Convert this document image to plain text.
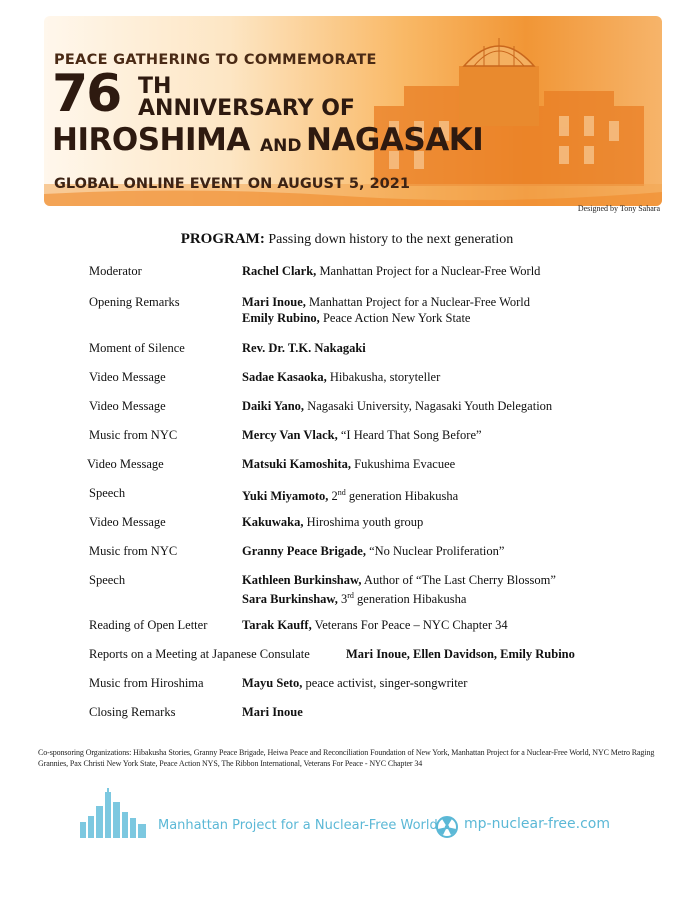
PEACE GATHERING TO COMMEMORATE
76 TH
ANNIVERSARY OF
HIROSHIMA AND NAGASAKI
GLOBAL ONLINE EVENT ON AUGUST 5, 2021
Designed by Tony Sahara
PROGRAM: Passing down history to the next generation
Moderator	Rachel Clark, Manhattan Project for a Nuclear-Free World
Opening Remarks	Mari Inoue, Manhattan Project for a Nuclear-Free World
Emily Rubino, Peace Action New York State
Moment of Silence	Rev. Dr. T.K. Nakagaki
Video Message	Sadae Kasaoka, Hibakusha, storyteller
Video Message	Daiki Yano, Nagasaki University, Nagasaki Youth Delegation
Music from NYC	Mercy Van Vlack, “I Heard That Song Before”
Video Message	Matsuki Kamoshita, Fukushima Evacuee
Speech	Yuki Miyamoto, 2nd generation Hibakusha
Video Message	Kakuwaka, Hiroshima youth group
Music from NYC	Granny Peace Brigade, “No Nuclear Proliferation”
Speech	Kathleen Burkinshaw, Author of “The Last Cherry Blossom”
Sara Burkinshaw, 3rd generation Hibakusha
Reading of Open Letter	Tarak Kauff, Veterans For Peace – NYC Chapter 34
Reports on a Meeting at Japanese Consulate	Mari Inoue, Ellen Davidson, Emily Rubino
Music from Hiroshima	Mayu Seto, peace activist, singer-songwriter
Closing Remarks	Mari Inoue
Co-sponsoring Organizations: Hibakusha Stories, Granny Peace Brigade, Heiwa Peace and Reconciliation Foundation of New York, Manhattan Project for a Nuclear-Free World, NYC Metro Raging Grannies, Pax Christi New York State, Peace Action NYS, The Ribbon International, Veterans For Peace - NYC Chapter 34
Manhattan Project for a Nuclear-Free World mp-nuclear-free.com
